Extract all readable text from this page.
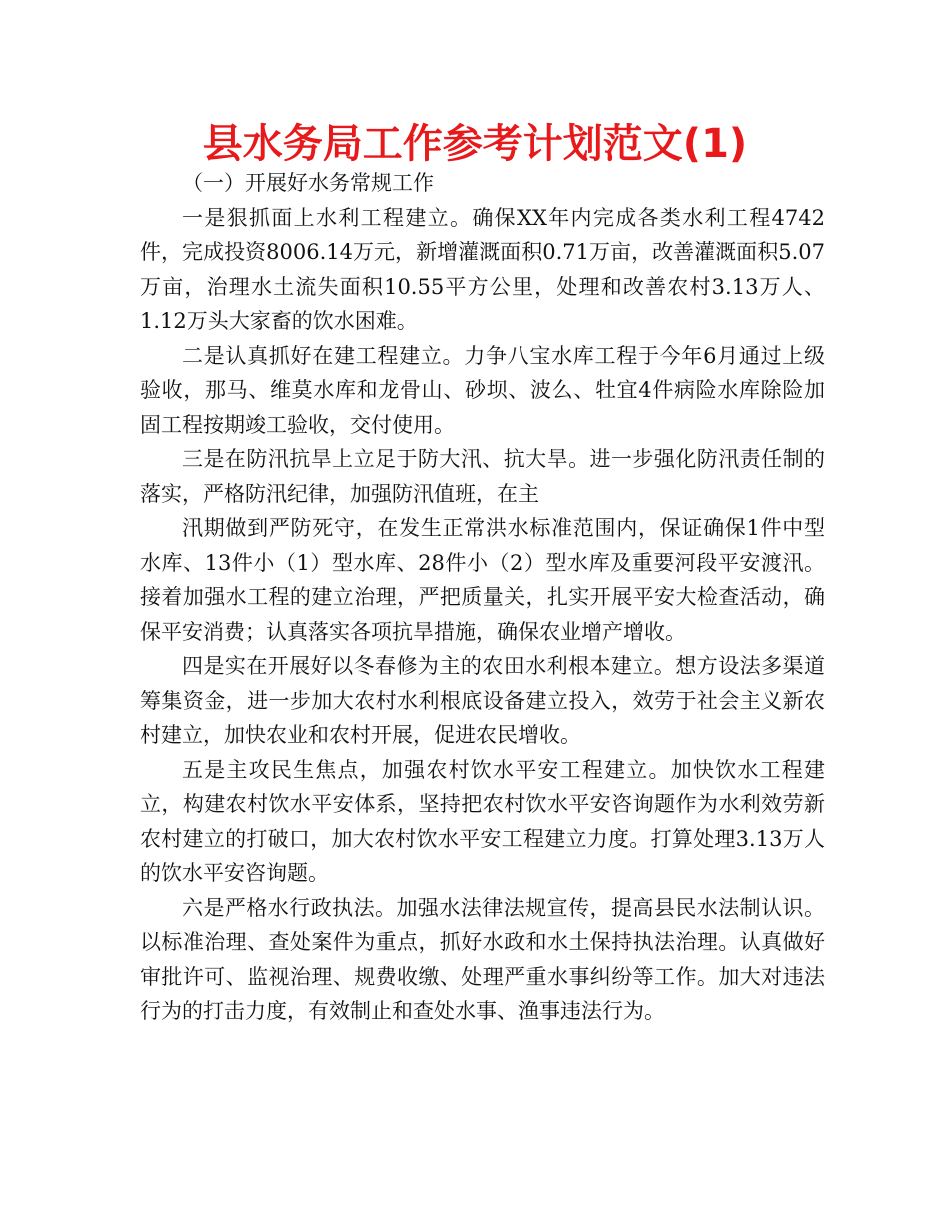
县水务局工作参考计划范文(1)

（一）开展好水务常规工作

一是狠抓面上水利工程建立。确保XX年内完成各类水利工程4742件，完成投资8006.14万元，新增灌溉面积0.71万亩，改善灌溉面积5.07万亩，治理水土流失面积10.55平方公里，处理和改善农村3.13万人、1.12万头大家畜的饮水困难。

二是认真抓好在建工程建立。力争八宝水库工程于今年6月通过上级验收，那马、维莫水库和龙骨山、砂坝、波么、牡宜4件病险水库除险加固工程按期竣工验收，交付使用。

三是在防汛抗旱上立足于防大汛、抗大旱。进一步强化防汛责任制的落实，严格防汛纪律，加强防汛值班，在主

汛期做到严防死守，在发生正常洪水标准范围内，保证确保1件中型水库、13件小（1）型水库、28件小（2）型水库及重要河段平安渡汛。接着加强水工程的建立治理，严把质量关，扎实开展平安大检查活动，确保平安消费；认真落实各项抗旱措施，确保农业增产增收。

四是实在开展好以冬春修为主的农田水利根本建立。想方设法多渠道筹集资金，进一步加大农村水利根底设备建立投入，效劳于社会主义新农村建立，加快农业和农村开展，促进农民增收。

五是主攻民生焦点，加强农村饮水平安工程建立。加快饮水工程建立，构建农村饮水平安体系，坚持把农村饮水平安咨询题作为水利效劳新农村建立的打破口，加大农村饮水平安工程建立力度。打算处理3.13万人的饮水平安咨询题。

六是严格水行政执法。加强水法律法规宣传，提高县民水法制认识。以标准治理、查处案件为重点，抓好水政和水土保持执法治理。认真做好审批许可、监视治理、规费收缴、处理严重水事纠纷等工作。加大对违法行为的打击力度，有效制止和查处水事、渔事违法行为。
